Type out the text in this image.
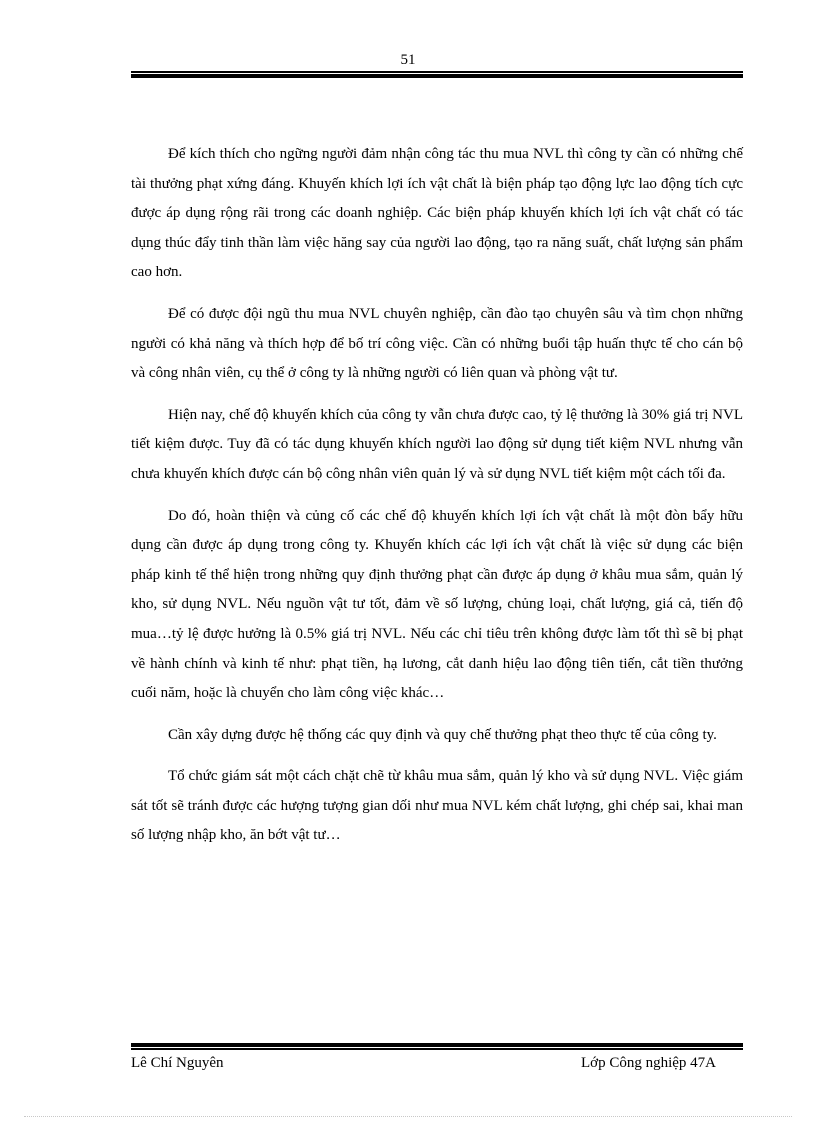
51

Để kích thích cho ngững người đảm nhận công tác thu mua NVL thì công ty cần có những chế tài thưởng phạt xứng đáng. Khuyến khích lợi ích vật chất là biện pháp tạo động lực lao động tích cực được áp dụng rộng rãi trong các doanh nghiệp. Các biện pháp khuyến khích lợi ích vật chất có tác dụng thúc đẩy tinh thần làm việc hăng say của người lao động, tạo ra năng suất, chất lượng sản phẩm cao hơn.

Để có được đội ngũ thu mua NVL chuyên nghiệp, cần đào tạo chuyên sâu và tìm chọn những người có khả năng và thích hợp để bố trí công việc. Cần có những buổi tập huấn thực tế cho cán bộ và công nhân viên, cụ thể ở công ty là những người có liên quan và phòng vật tư.

Hiện nay, chế độ khuyến khích của công ty vẫn chưa được cao, tỷ lệ thưởng là 30% giá trị NVL tiết kiệm được. Tuy đã có tác dụng khuyến khích người lao động sử dụng tiết kiệm NVL nhưng vẫn chưa khuyến khích được cán bộ công nhân viên quản lý và sử dụng NVL tiết kiệm một cách tối đa.

Do đó, hoàn thiện và củng cố các chế độ khuyến khích lợi ích vật chất là một đòn bẩy hữu dụng cần được áp dụng trong công ty. Khuyến khích các lợi ích vật chất là việc sử dụng các biện pháp kinh tế thể hiện trong những quy định thưởng phạt cần được áp dụng ở khâu mua sắm, quản lý kho, sử dụng NVL. Nếu nguồn vật tư tốt, đảm về số lượng, chủng loại, chất lượng, giá cả, tiến độ mua…tỷ lệ được hưởng là 0.5% giá trị NVL. Nếu các chỉ tiêu trên không được làm tốt thì sẽ bị phạt về hành chính và kinh tế như: phạt tiền, hạ lương, cắt danh hiệu lao động tiên tiến, cắt tiền thưởng cuối năm, hoặc là chuyển cho làm công việc khác…

Cần xây dựng được hệ thống các quy định và quy chế thưởng phạt theo thực tế của công ty.

Tổ chức giám sát một cách chặt chẽ từ khâu mua sắm, quản lý kho và sử dụng NVL. Việc giám sát tốt sẽ tránh được các hượng tượng gian dối như mua NVL kém chất lượng, ghi chép sai, khai man số lượng nhập kho, ăn bớt vật tư…

Lê Chí Nguyên	Lớp Công nghiệp 47A
